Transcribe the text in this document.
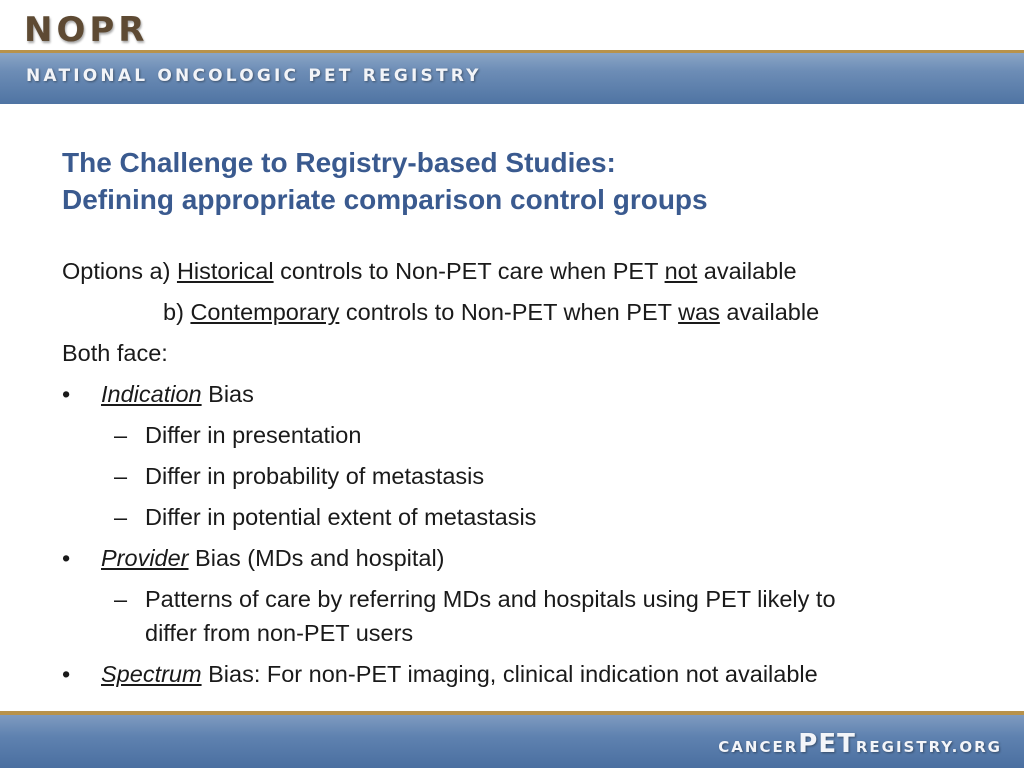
NOPR
NATIONAL ONCOLOGIC PET REGISTRY
The Challenge to Registry-based Studies:
Defining appropriate comparison control groups
Options a) Historical controls to Non-PET care when PET not available
b) Contemporary controls to Non-PET when PET was available
Both face:
• Indication Bias
– Differ in presentation
– Differ in probability of metastasis
– Differ in potential extent of metastasis
• Provider Bias (MDs and hospital)
– Patterns of care by referring MDs and hospitals using PET likely to
differ from non-PET users
• Spectrum Bias: For non-PET imaging, clinical indication not available
CANCERPETREGISTRY.ORG
